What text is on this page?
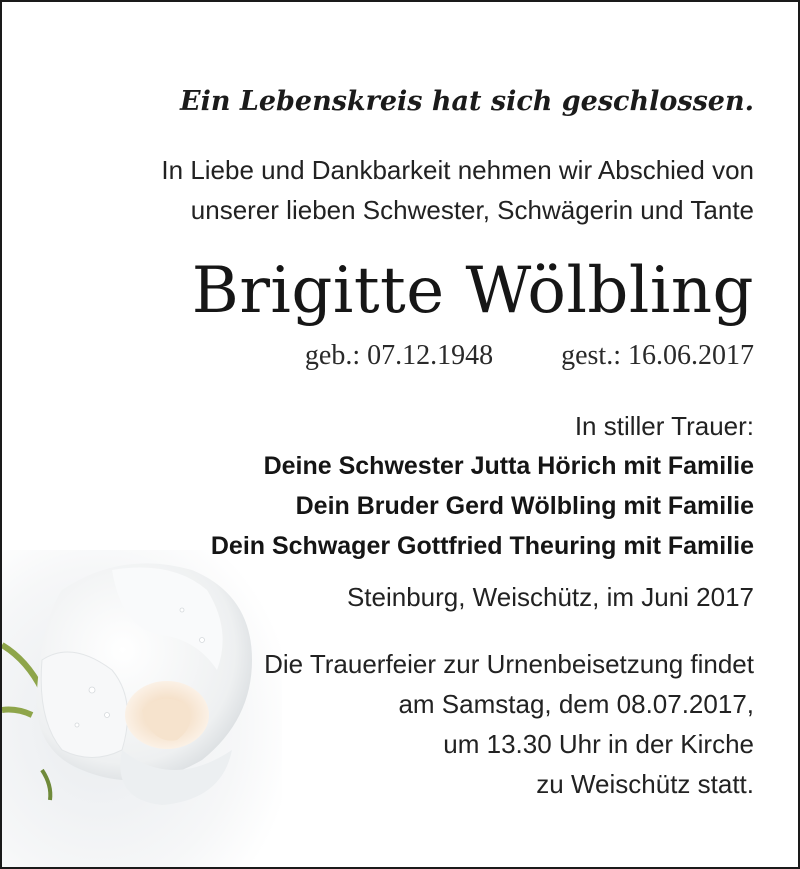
Ein Lebenskreis hat sich geschlossen.
In Liebe und Dankbarkeit nehmen wir Abschied von
unserer lieben Schwester, Schwägerin und Tante
Brigitte Wölbling
geb.: 07.12.1948 gest.: 16.06.2017
In stiller Trauer:
Deine Schwester Jutta Hörich mit Familie
Dein Bruder Gerd Wölbling mit Familie
Dein Schwager Gottfried Theuring mit Familie
Steinburg, Weischütz, im Juni 2017
Die Trauerfeier zur Urnenbeisetzung findet
am Samstag, dem 08.07.2017,
um 13.30 Uhr in der Kirche
zu Weischütz statt.
